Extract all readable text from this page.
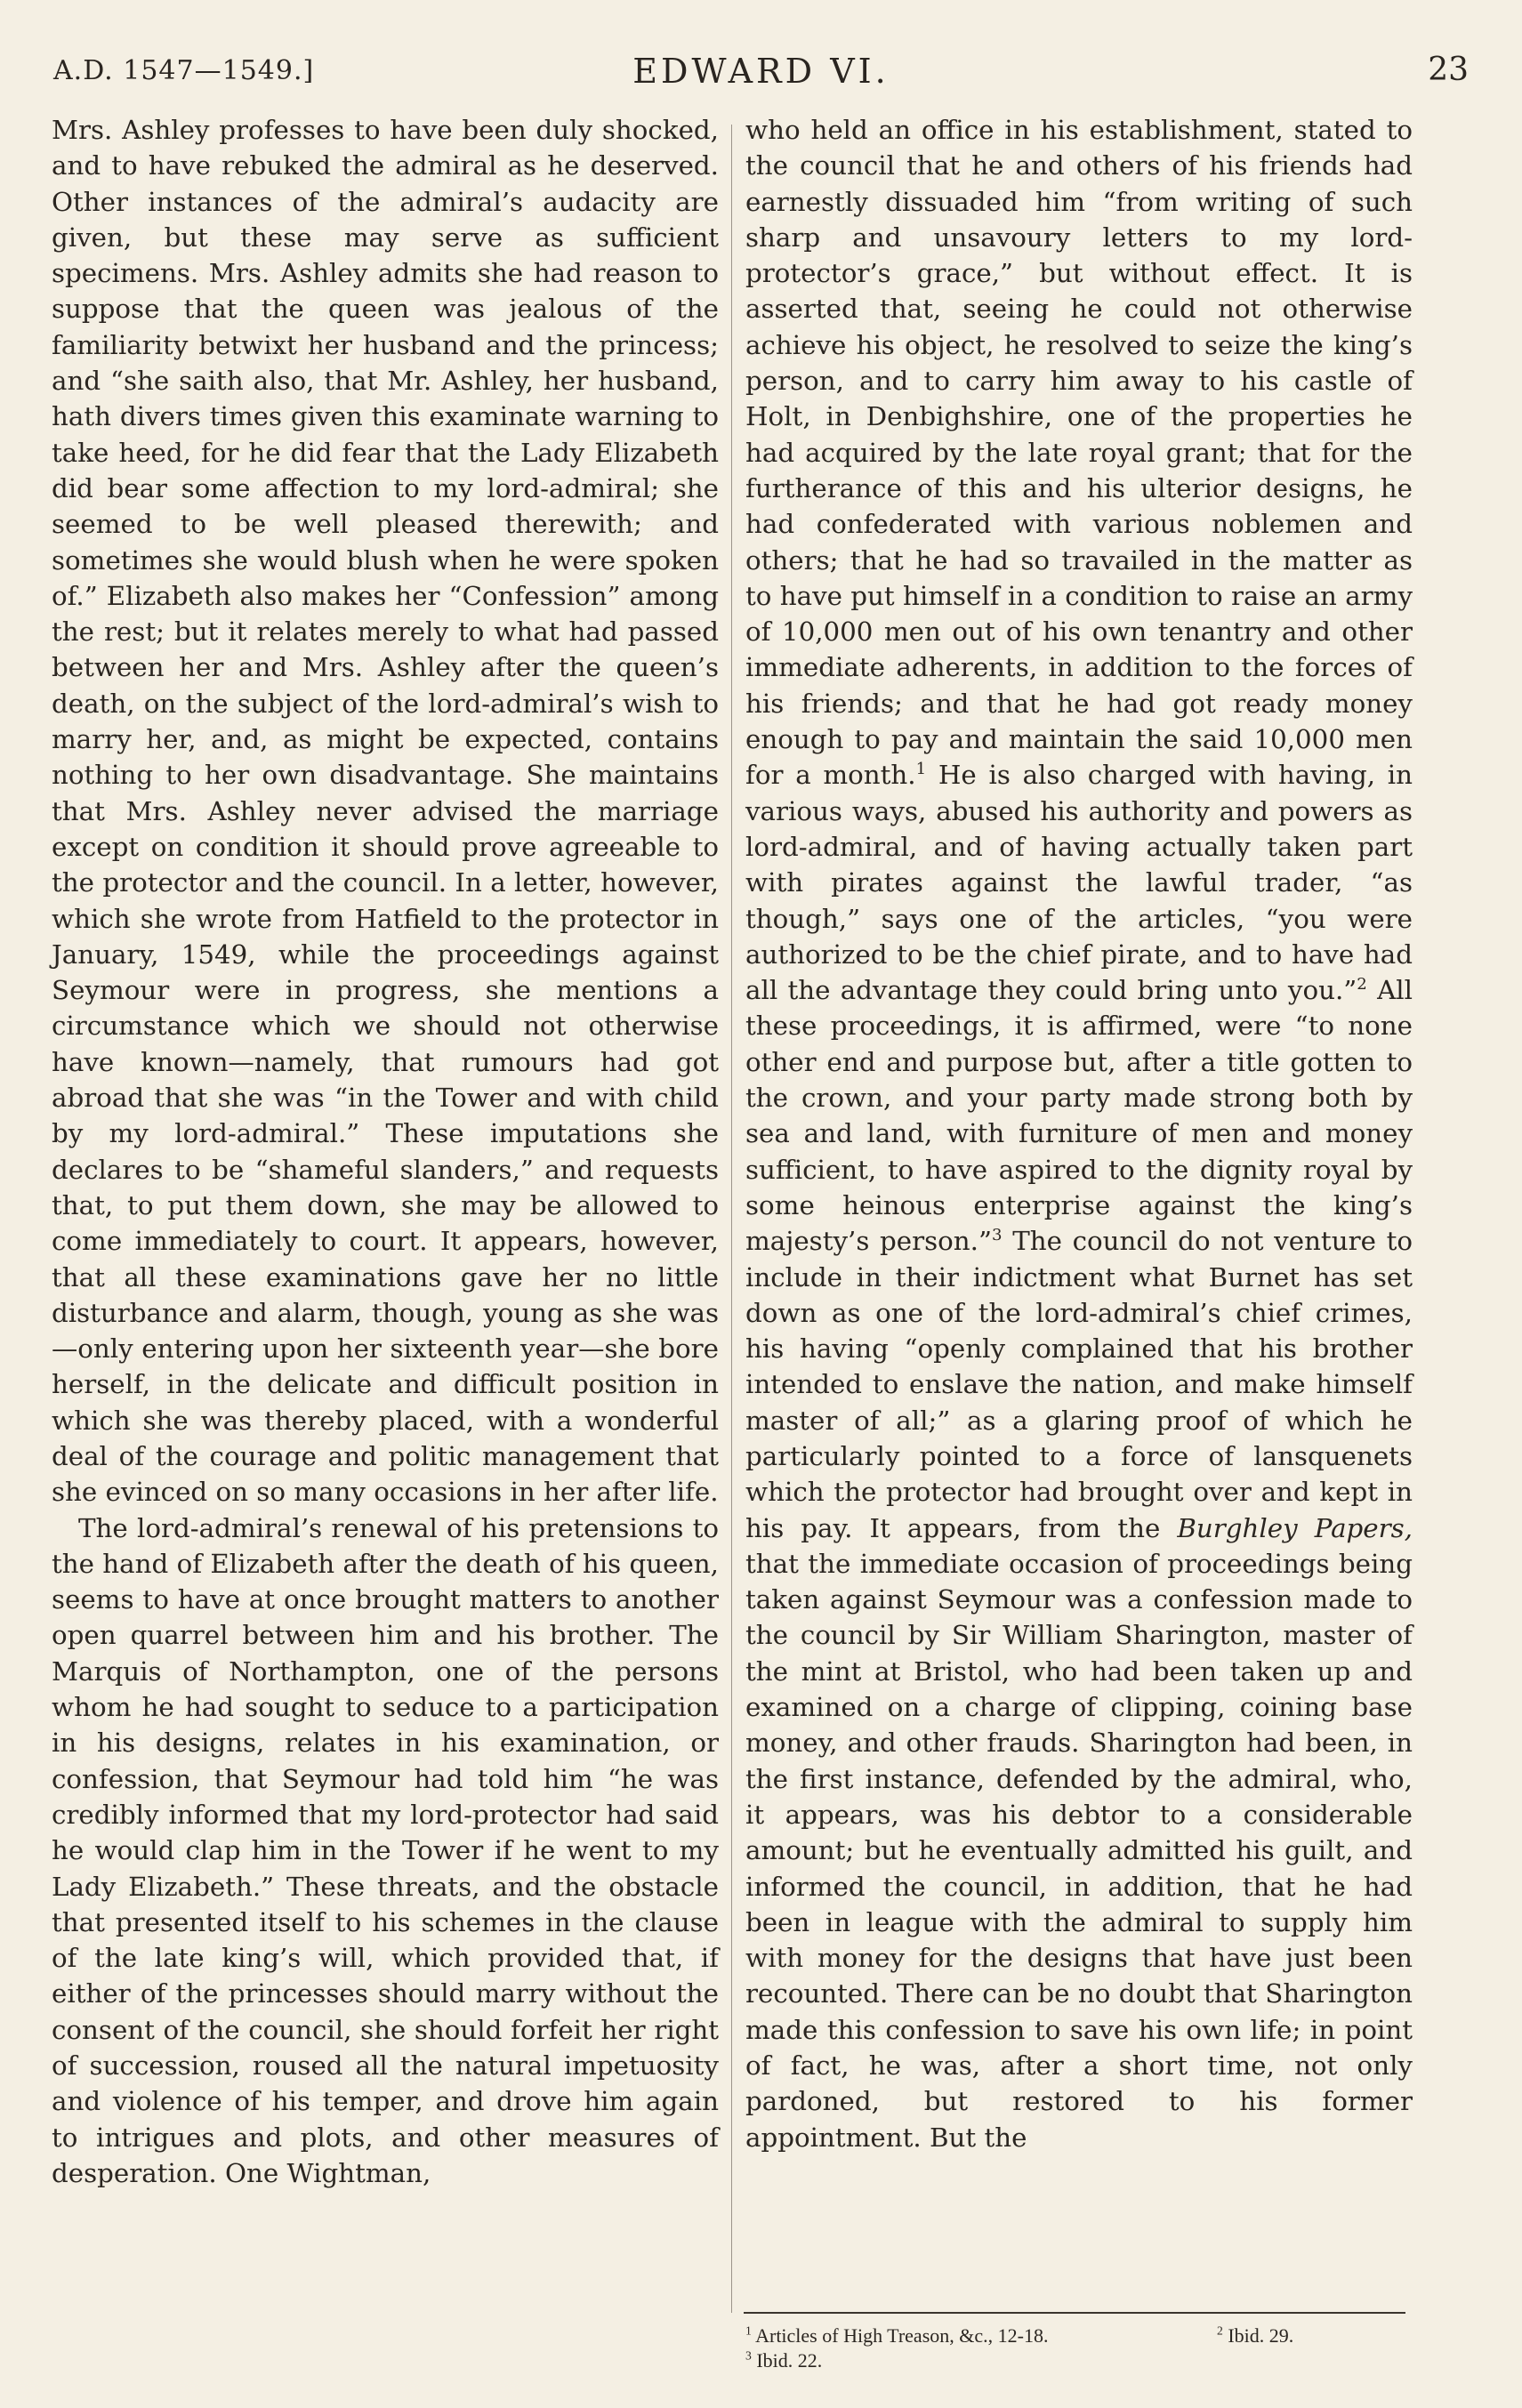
A.D. 1547—1549.]	EDWARD VI.	23

Mrs. Ashley professes to have been duly shocked, and to have rebuked the admiral as he deserved. Other instances of the admiral’s audacity are given, but these may serve as sufficient specimens. Mrs. Ashley admits she had reason to suppose that the queen was jealous of the familiarity betwixt her husband and the princess; and “she saith also, that Mr. Ashley, her husband, hath divers times given this examinate warning to take heed, for he did fear that the Lady Elizabeth did bear some affection to my lord-admiral; she seemed to be well pleased therewith; and sometimes she would blush when he were spoken of.” Elizabeth also makes her “Confession” among the rest; but it relates merely to what had passed between her and Mrs. Ashley after the queen’s death, on the subject of the lord-admiral’s wish to marry her, and, as might be expected, contains nothing to her own disadvantage. She maintains that Mrs. Ashley never advised the marriage except on condition it should prove agreeable to the protector and the council. In a letter, however, which she wrote from Hatfield to the protector in January, 1549, while the proceedings against Seymour were in progress, she mentions a circumstance which we should not otherwise have known—namely, that rumours had got abroad that she was “in the Tower and with child by my lord-admiral.” These imputations she declares to be “shameful slanders,” and requests that, to put them down, she may be allowed to come immediately to court. It appears, however, that all these examinations gave her no little disturbance and alarm, though, young as she was—only entering upon her sixteenth year—she bore herself, in the delicate and difficult position in which she was thereby placed, with a wonderful deal of the courage and politic management that she evinced on so many occasions in her after life.

The lord-admiral’s renewal of his pretensions to the hand of Elizabeth after the death of his queen, seems to have at once brought matters to another open quarrel between him and his brother. The Marquis of Northampton, one of the persons whom he had sought to seduce to a participation in his designs, relates in his examination, or confession, that Seymour had told him “he was credibly informed that my lord-protector had said he would clap him in the Tower if he went to my Lady Elizabeth.” These threats, and the obstacle that presented itself to his schemes in the clause of the late king’s will, which provided that, if either of the princesses should marry without the consent of the council, she should forfeit her right of succession, roused all the natural impetuosity and violence of his temper, and drove him again to intrigues and plots, and other measures of desperation. One Wightman,

who held an office in his establishment, stated to the council that he and others of his friends had earnestly dissuaded him “from writing of such sharp and unsavoury letters to my lord-protector’s grace,” but without effect. It is asserted that, seeing he could not otherwise achieve his object, he resolved to seize the king’s person, and to carry him away to his castle of Holt, in Denbighshire, one of the properties he had acquired by the late royal grant; that for the furtherance of this and his ulterior designs, he had confederated with various noblemen and others; that he had so travailed in the matter as to have put himself in a condition to raise an army of 10,000 men out of his own tenantry and other immediate adherents, in addition to the forces of his friends; and that he had got ready money enough to pay and maintain the said 10,000 men for a month.$^1$ He is also charged with having, in various ways, abused his authority and powers as lord-admiral, and of having actually taken part with pirates against the lawful trader, “as though,” says one of the articles, “you were authorized to be the chief pirate, and to have had all the advantage they could bring unto you.”$^2$ All these proceedings, it is affirmed, were “to none other end and purpose but, after a title gotten to the crown, and your party made strong both by sea and land, with furniture of men and money sufficient, to have aspired to the dignity royal by some heinous enterprise against the king’s majesty’s person.”$^3$ The council do not venture to include in their indictment what Burnet has set down as one of the lord-admiral’s chief crimes, his having “openly complained that his brother intended to enslave the nation, and make himself master of all;” as a glaring proof of which he particularly pointed to a force of lansquenets which the protector had brought over and kept in his pay. It appears, from the Burghley Papers, that the immediate occasion of proceedings being taken against Seymour was a confession made to the council by Sir William Sharington, master of the mint at Bristol, who had been taken up and examined on a charge of clipping, coining base money, and other frauds. Sharington had been, in the first instance, defended by the admiral, who, it appears, was his debtor to a considerable amount; but he eventually admitted his guilt, and informed the council, in addition, that he had been in league with the admiral to supply him with money for the designs that have just been recounted. There can be no doubt that Sharington made this confession to save his own life; in point of fact, he was, after a short time, not only pardoned, but restored to his former appointment. But the

$^1$ Articles of High Treason, &c., 12-18.	$^2$ Ibid. 29.
$^3$ Ibid. 22.
